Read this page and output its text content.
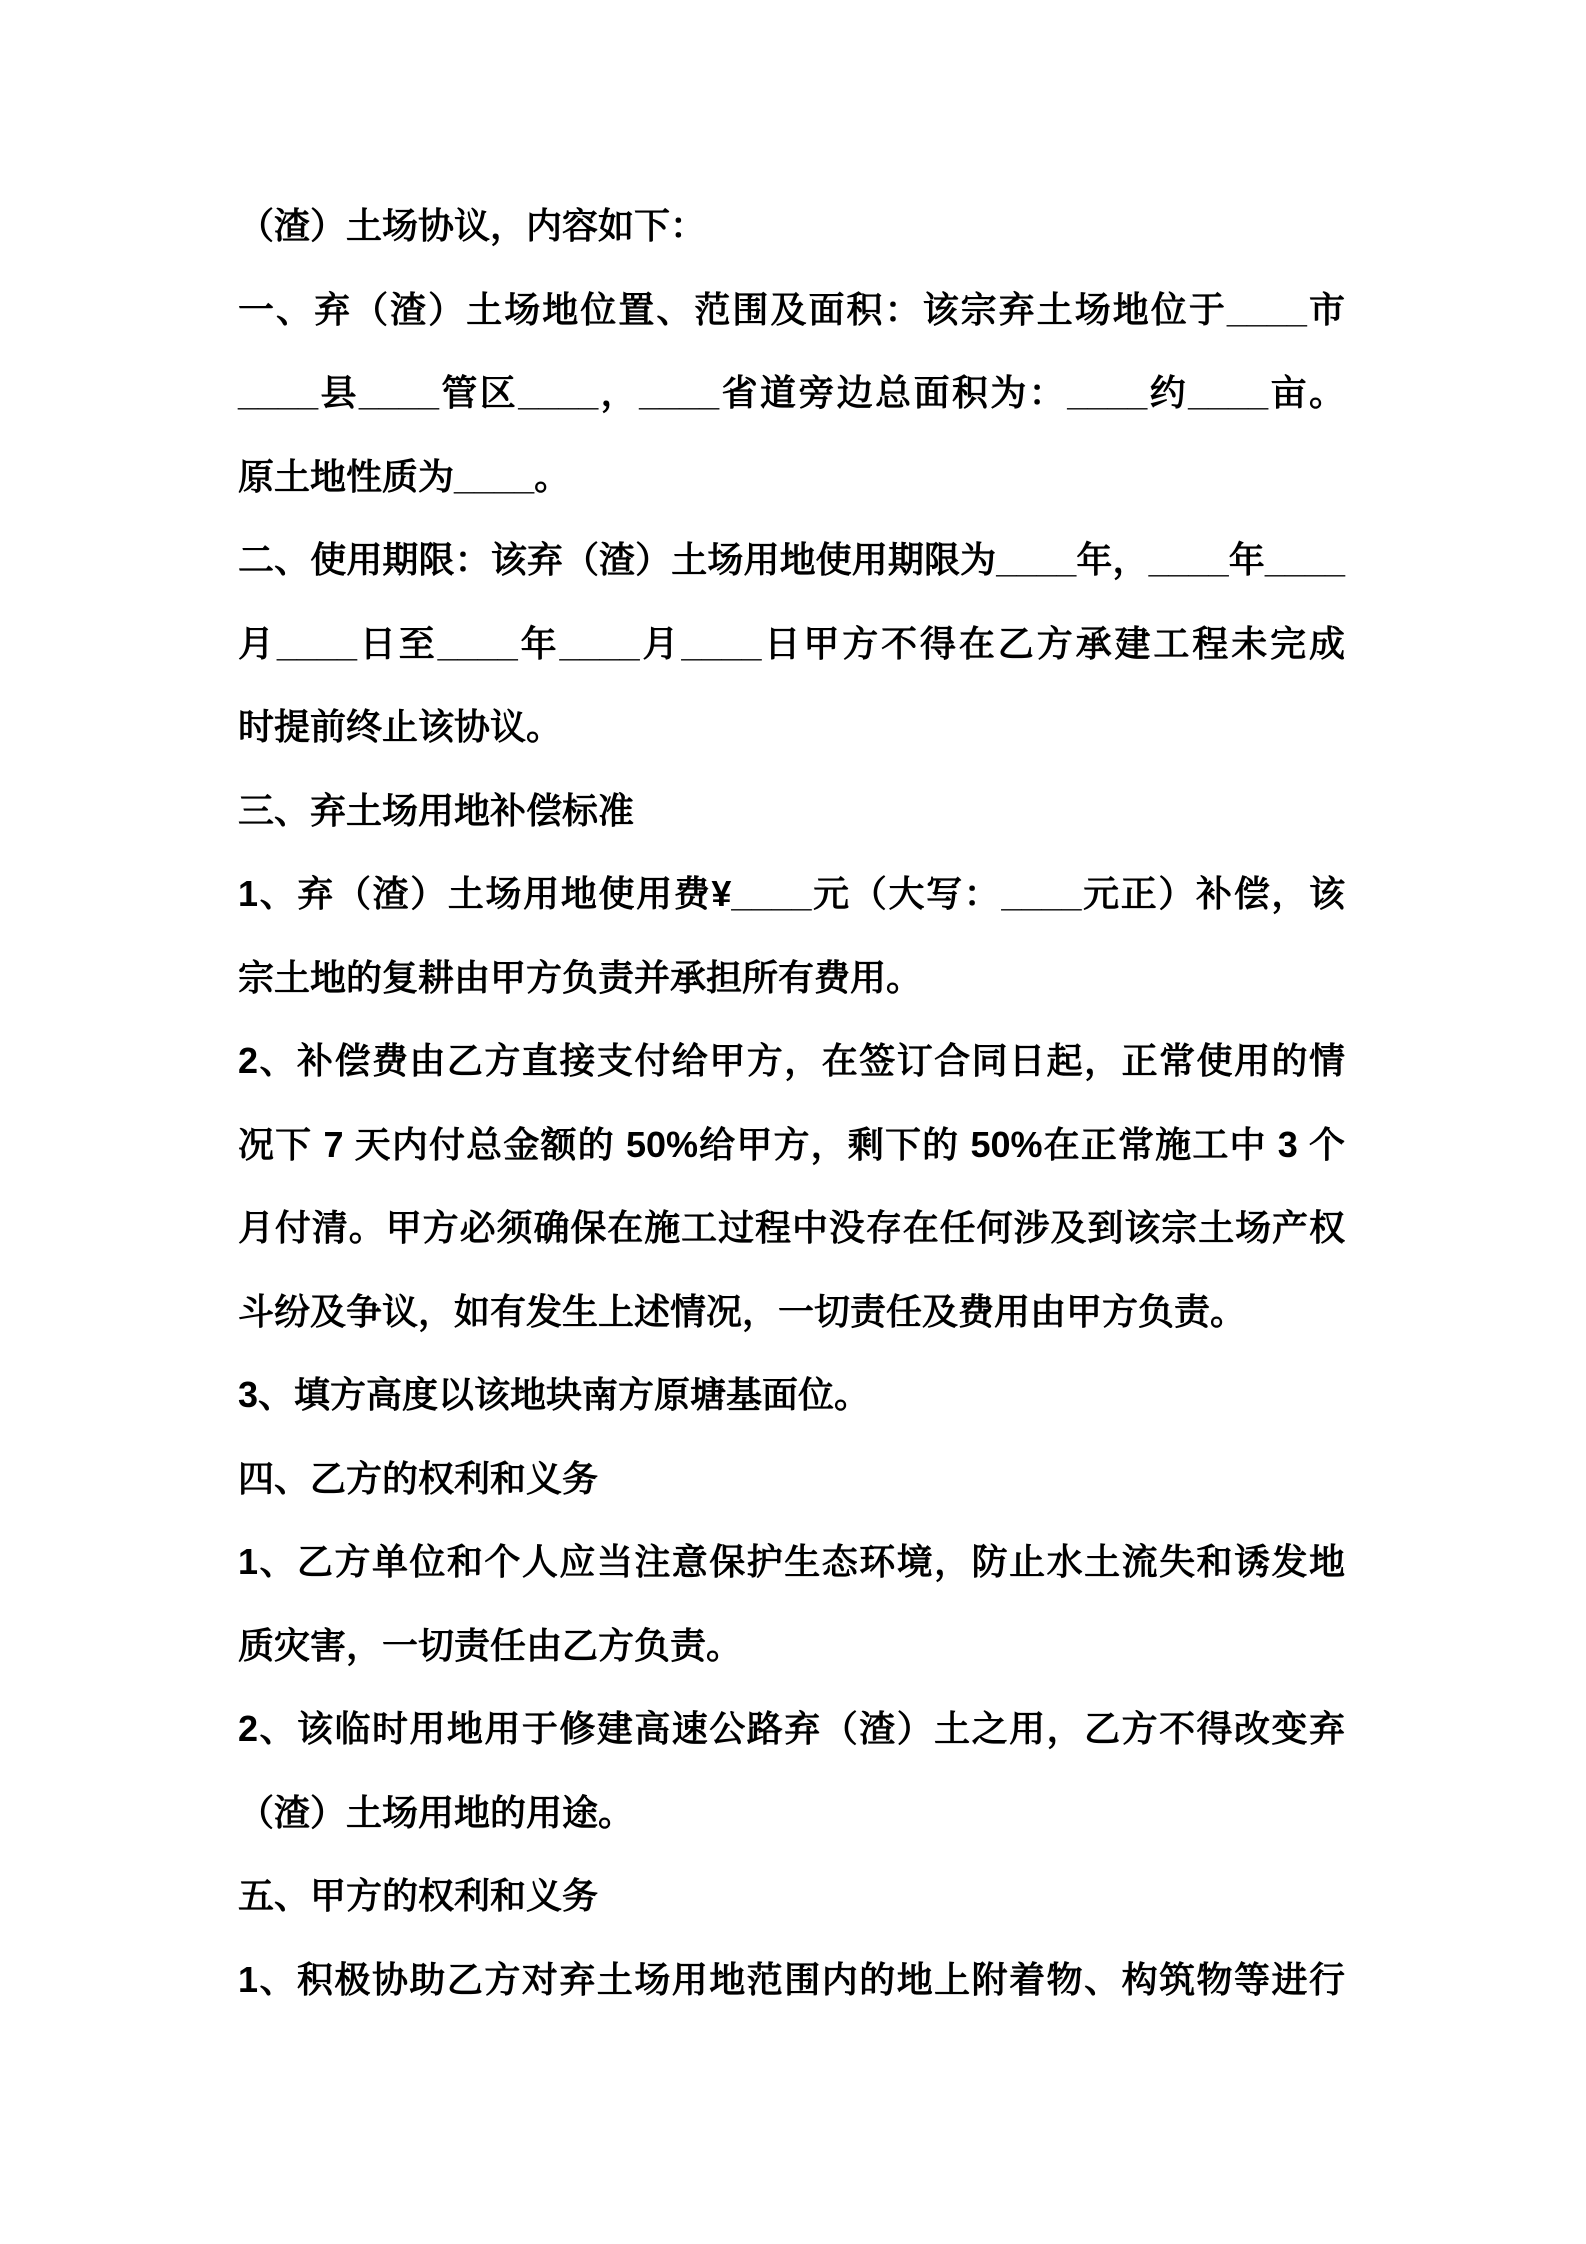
（渣）土场协议，内容如下：
一、弃（渣）土场地位置、范围及面积：该宗弃土场地位于____市
____县____管区____，____省道旁边总面积为：____约____亩。
原土地性质为____。
二、使用期限：该弃（渣）土场用地使用期限为____年，____年____
月____日至____年____月____日甲方不得在乙方承建工程未完成
时提前终止该协议。
三、弃土场用地补偿标准
1、弃（渣）土场用地使用费¥____元（大写：____元正）补偿，该
宗土地的复耕由甲方负责并承担所有费用。
2、补偿费由乙方直接支付给甲方，在签订合同日起，正常使用的情
况下 7 天内付总金额的 50%给甲方，剩下的 50%在正常施工中 3 个
月付清。甲方必须确保在施工过程中没存在任何涉及到该宗土场产权
斗纷及争议，如有发生上述情况，一切责任及费用由甲方负责。
3、填方高度以该地块南方原塘基面位。
四、乙方的权利和义务
1、乙方单位和个人应当注意保护生态环境，防止水土流失和诱发地
质灾害，一切责任由乙方负责。
2、该临时用地用于修建高速公路弃（渣）土之用，乙方不得改变弃
（渣）土场用地的用途。
五、甲方的权利和义务
1、积极协助乙方对弃土场用地范围内的地上附着物、构筑物等进行
